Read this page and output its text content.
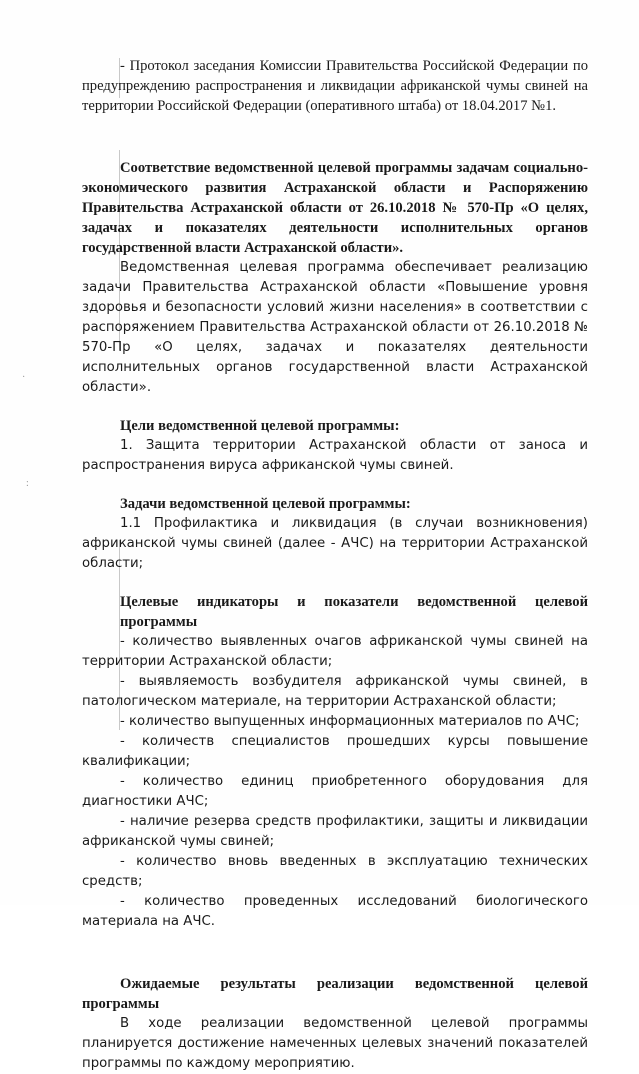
·
:

- Протокол заседания Комиссии Правительства Российской Федерации по предупреждению распространения и ликвидации африканской чумы свиней на территории Российской Федерации (оперативного штаба) от 18.04.2017 №1.

Соответствие ведомственной целевой программы задачам социально-экономического развития Астраханской области и Распоряжению Правительства Астраханской области от 26.10.2018 № 570-Пр «О целях, задачах и показателях деятельности исполнительных органов государственной власти Астраханской области».

Ведомственная целевая программа обеспечивает реализацию задачи Правительства Астраханской области «Повышение уровня здоровья и безопасности условий жизни населения» в соответствии с распоряжением Правительства Астраханской области от 26.10.2018 № 570-Пр «О целях, задачах и показателях деятельности исполнительных органов государственной власти Астраханской области».

Цели ведомственной целевой программы:

1. Защита территории Астраханской области от заноса и распространения вируса африканской чумы свиней.

Задачи ведомственной целевой программы:

1.1 Профилактика и ликвидация (в случаи возникновения) африканской чумы свиней (далее - АЧС) на территории Астраханской области;

Целевые индикаторы и показатели ведомственной целевой программы

- количество выявленных очагов африканской чумы свиней на территории Астраханской области;

- выявляемость возбудителя африканской чумы свиней, в патологическом материале, на территории Астраханской области;

- количество выпущенных информационных материалов по АЧС;

- количеств специалистов прошедших курсы повышение квалификации;

- количество единиц приобретенного оборудования для диагностики АЧС;

- наличие резерва средств профилактики, защиты и ликвидации африканской чумы свиней;

- количество вновь введенных в эксплуатацию технических средств;

- количество проведенных исследований биологического материала на АЧС.

Ожидаемые результаты реализации ведомственной целевой программы

В ходе реализации ведомственной целевой программы планируется достижение намеченных целевых значений показателей программы по каждому мероприятию.
